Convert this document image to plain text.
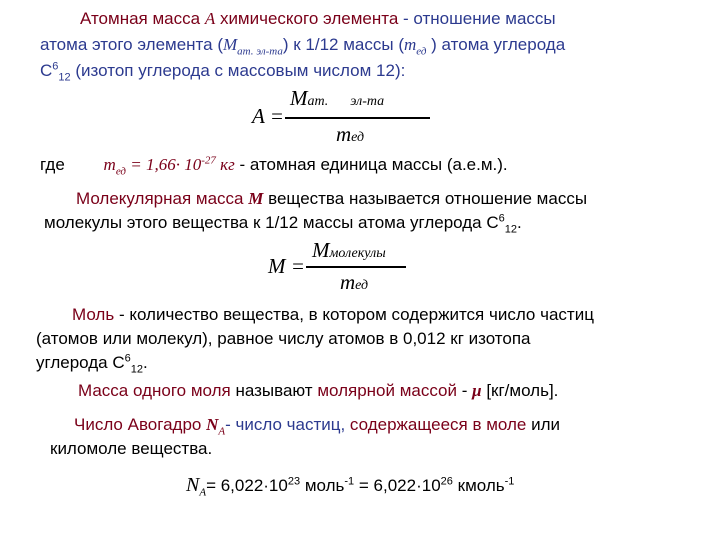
Атомная масса A химического элемента - отношение массы
атома этого элемента $(M_{ат. эл-та})$ к 1/12 массы ($m_{ед}$ ) атома углерода
$С^6_{12}$ (изотоп углерода с массовым числом 12):
A =
Mат. эл-та
mед
где $m_{ед} = 1,66\cdot 10^{-27}$ кг - атомная единица массы (а.е.м.).
Молекулярная масса M вещества называется отношение массы
молекулы этого вещества к 1/12 массы атома углерода $С^6_{12}$.
M =
Mмолекулы
mед
Моль - количество вещества, в котором содержится число частиц
(атомов или молекул), равное числу атомов в 0,012 кг изотопа
углерода $С^6_{12}$.
Масса одного моля называют молярной массой - μ [кг/моль].
Число Авогадро $N_A-$ число частиц, содержащееся в моле или
киломоле вещества.
$N_A= 6,022\cdot 10^{23}$ моль$^{-1}$ = $6,022\cdot 10^{26}$ кмоль$^{-1}$
